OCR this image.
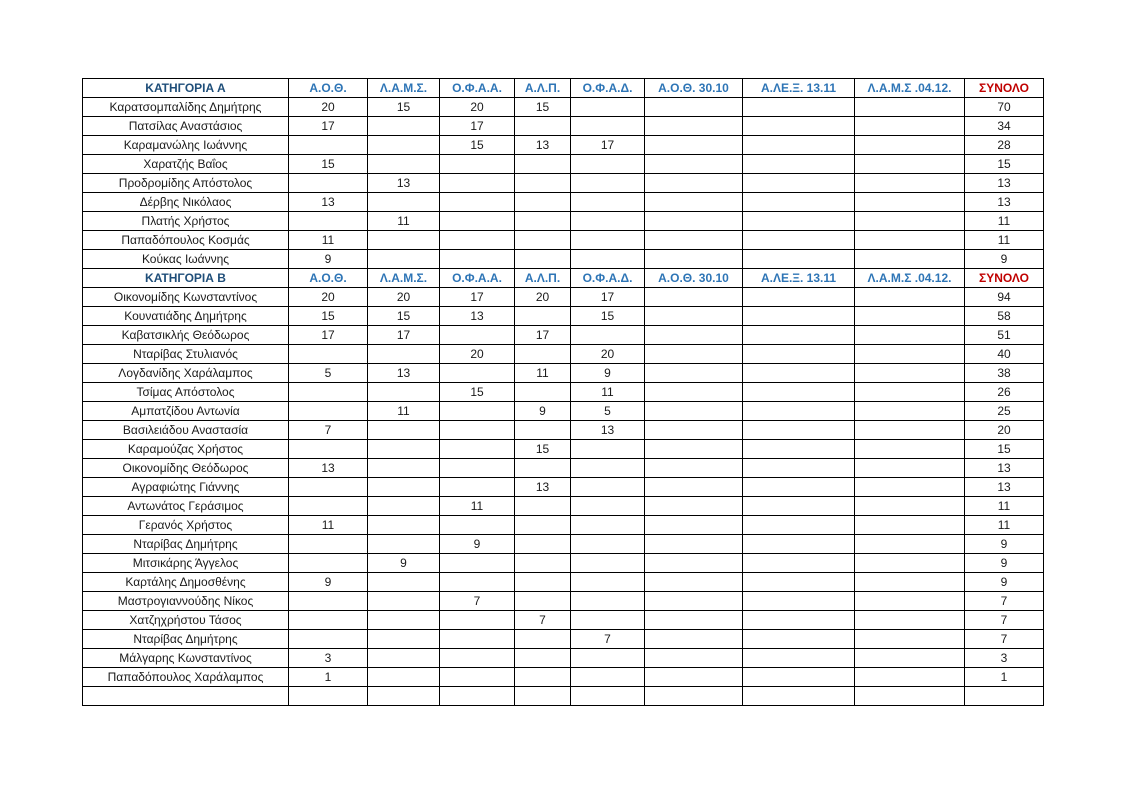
ΚΑΤΗΓΟΡΙΑ Α	Α.Ο.Θ.	Λ.Α.Μ.Σ.	Ο.Φ.Α.Α.	Α.Λ.Π.	Ο.Φ.Α.Δ.	Α.Ο.Θ. 30.10	Α.ΛΕ.Ξ. 13.11	Λ.Α.Μ.Σ .04.12.	ΣΥΝΟΛΟ
Καρατσομπαλίδης Δημήτρης	20	15	20	15					70
Πατσίλας Αναστάσιος	17		17						34
Καραμανώλης Ιωάννης			15	13	17				28
Χαρατζής Βαΐος	15								15
Προδρομίδης Απόστολος		13							13
Δέρβης Νικόλαος	13								13
Πλατής Χρήστος		11							11
Παπαδόπουλος Κοσμάς	11								11
Κούκας Ιωάννης	9								9
ΚΑΤΗΓΟΡΙΑ Β	Α.Ο.Θ.	Λ.Α.Μ.Σ.	Ο.Φ.Α.Α.	Α.Λ.Π.	Ο.Φ.Α.Δ.	Α.Ο.Θ. 30.10	Α.ΛΕ.Ξ. 13.11	Λ.Α.Μ.Σ .04.12.	ΣΥΝΟΛΟ
Οικονομίδης Κωνσταντίνος	20	20	17	20	17				94
Κουνατιάδης Δημήτρης	15	15	13		15				58
Καβατσικλής Θεόδωρος	17	17		17					51
Νταρίβας Στυλιανός			20		20				40
Λογδανίδης Χαράλαμπος	5	13		11	9				38
Τσίμας Απόστολος			15		11				26
Αμπατζίδου Αντωνία		11		9	5				25
Βασιλειάδου Αναστασία	7				13				20
Καραμούζας Χρήστος				15					15
Οικονομίδης Θεόδωρος	13								13
Αγραφιώτης Γιάννης				13					13
Αντωνάτος Γεράσιμος			11						11
Γερανός Χρήστος	11								11
Νταρίβας Δημήτρης			9						9
Μιτσικάρης Άγγελος		9							9
Καρτάλης Δημοσθένης	9								9
Μαστρογιαννούδης Νίκος			7						7
Χατζηχρήστου Τάσος				7					7
Νταρίβας Δημήτρης					7				7
Μάλγαρης Κωνσταντίνος	3								3
Παπαδόπουλος Χαράλαμπος	1								1
